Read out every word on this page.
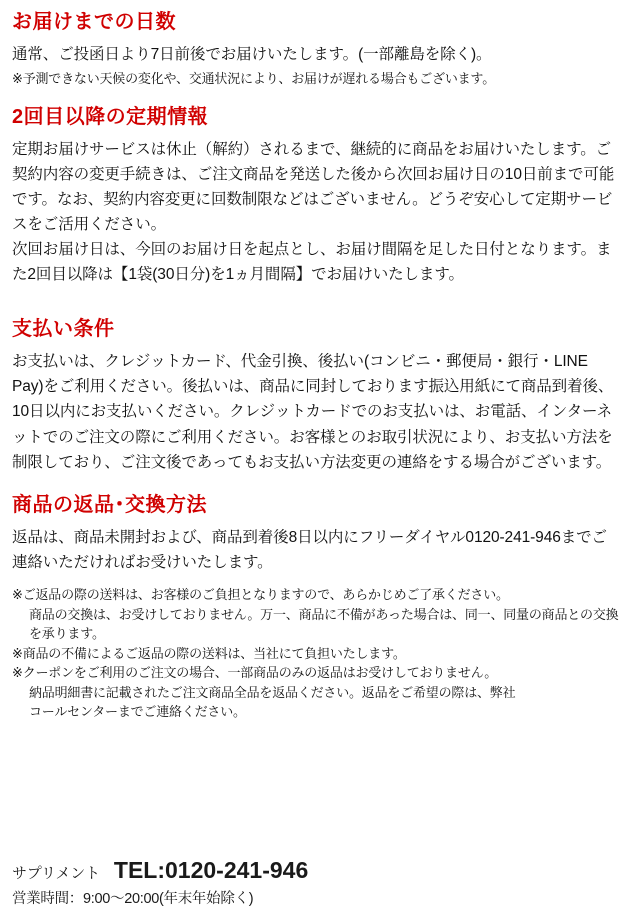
お届けまでの日数

通常、ご投函日より7日前後でお届けいたします。(一部離島を除く)。

※予測できない天候の変化や、交通状況により、お届けが遅れる場合もございます。

2回目以降の定期情報

定期お届けサービスは休止（解約）されるまで、継続的に商品をお届けいたします。ご契約内容の変更手続きは、ご注文商品を発送した後から次回お届け日の10日前まで可能です。なお、契約内容変更に回数制限などはございません。どうぞ安心して定期サービスをご活用ください。

次回お届け日は、今回のお届け日を起点とし、お届け間隔を足した日付となります。また2回目以降は【1袋(30日分)を1ヵ月間隔】でお届けいたします。

支払い条件

お支払いは、クレジットカード、代金引換、後払い(コンビニ・郵便局・銀行・LINE　Pay)をご利用ください。後払いは、商品に同封しております振込用紙にて商品到着後、10日以内にお支払いください。クレジットカードでのお支払いは、お電話、インターネットでのご注文の際にご利用ください。お客様とのお取引状況により、お支払い方法を制限しており、ご注文後であってもお支払い方法変更の連絡をする場合がございます。

商品の返品･交換方法

返品は、商品未開封および、商品到着後8日以内にフリーダイヤル0120-241-946までご連絡いただければお受けいたします。

※ご返品の際の送料は、お客様のご負担となりますので、あらかじめご了承ください。

商品の交換は、お受けしておりません。万一、商品に不備があった場合は、同一、同量の商品との交換を承ります。

※商品の不備によるご返品の際の送料は、当社にて負担いたします。

※クーポンをご利用のご注文の場合、一部商品のみの返品はお受けしておりません。

納品明細書に記載されたご注文商品全品を返品ください。返品をご希望の際は、弊社

コールセンターまでご連絡ください。

サプリメント TEL:0120-241-946
営業時間：9:00〜20:00(年末年始除く)
